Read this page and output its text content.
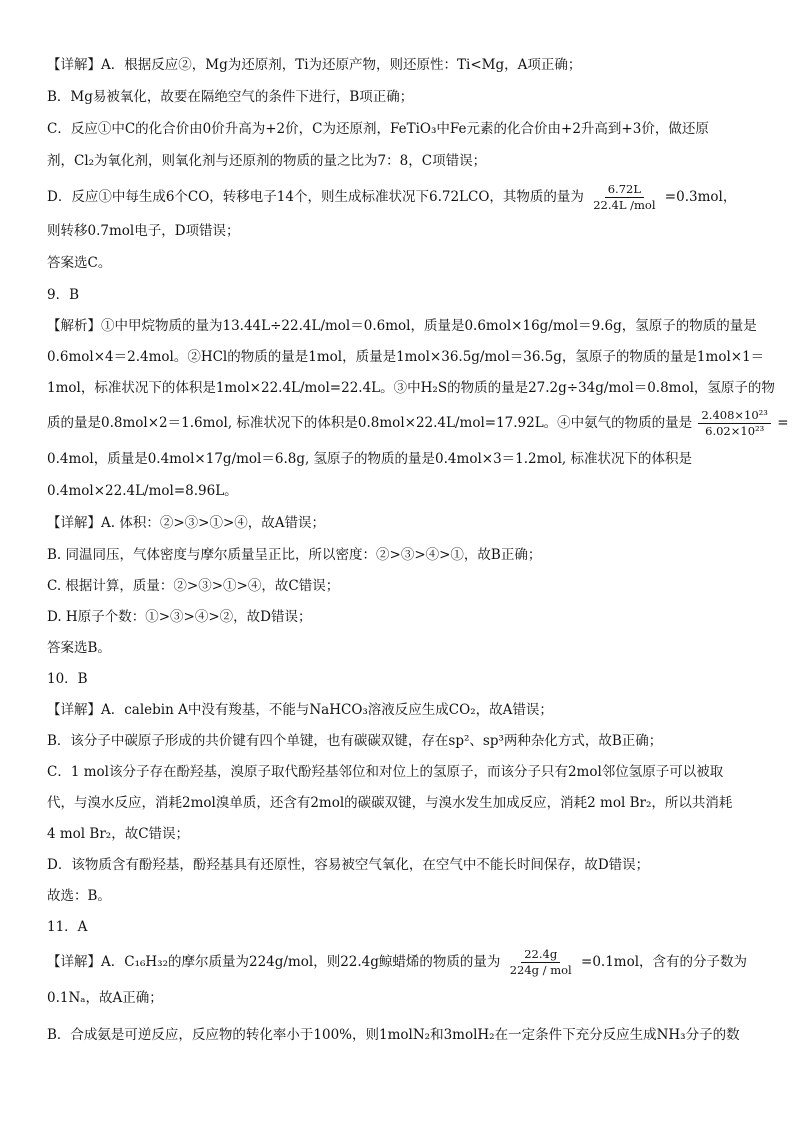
【详解】A．根据反应②，Mg为还原剂，Ti为还原产物，则还原性：Ti<Mg，A项正确；
B．Mg易被氧化，故要在隔绝空气的条件下进行，B项正确；
C．反应①中C的化合价由0价升高为+2价，C为还原剂，FeTiO₃中Fe元素的化合价由+2升高到+3价，做还原
剂，Cl₂为氧化剂，则氧化剂与还原剂的物质的量之比为7：8，C项错误；
D．反应①中每生成6个CO，转移电子14个，则生成标准状况下6.72LCO，其物质的量为 $\frac{6.72L}{\text{22.4L /mol}} =0.3mol$，
则转移0.7mol电子，D项错误；
答案选C。
9．B
【解析】①中甲烷物质的量为13.44L÷22.4L/mol＝0.6mol，质量是0.6mol×16g/mol＝9.6g，氢原子的物质的量是
0.6mol×4＝2.4mol。②HCl的物质的量是1mol，质量是1mol×36.5g/mol＝36.5g，氢原子的物质的量是1mol×1＝
1mol，标准状况下的体积是1mol×22.4L/mol=22.4L。③中H₂S的物质的量是27.2g÷34g/mol＝0.8mol，氢原子的物
质的量是0.8mol×2＝1.6mol, 标准状况下的体积是0.8mol×22.4L/mol=17.92L。④中氨气的物质的量是 $\frac{\text{2.408×10²³}}{\text{6.02×10²³}}$ =
0.4mol，质量是0.4mol×17g/mol＝6.8g, 氢原子的物质的量是0.4mol×3＝1.2mol, 标准状况下的体积是
0.4mol×22.4L/mol=8.96L。
【详解】A. 体积：②>③>①>④，故A错误；
B. 同温同压，气体密度与摩尔质量呈正比，所以密度：②>③>④>①，故B正确；
C. 根据计算，质量：②>③>①>④，故C错误；
D. H原子个数：①>③>④>②，故D错误；
答案选B。
10．B
【详解】A．calebin A中没有羧基，不能与NaHCO₃溶液反应生成CO₂，故A错误；
B．该分子中碳原子形成的共价键有四个单键，也有碳碳双键，存在sp²、sp³两种杂化方式，故B正确；
C．1 mol该分子存在酚羟基，溴原子取代酚羟基邻位和对位上的氢原子，而该分子只有2mol邻位氢原子可以被取
代，与溴水反应，消耗2mol溴单质，还含有2mol的碳碳双键，与溴水发生加成反应，消耗2 mol Br₂，所以共消耗
4 mol Br₂，故C错误；
D．该物质含有酚羟基，酚羟基具有还原性，容易被空气氧化，在空气中不能长时间保存，故D错误；
故选：B。
11．A
【详解】A．C₁₆H₃₂的摩尔质量为224g/mol，则22.4g鲸蜡烯的物质的量为 $\frac{22.4g}{\text{224g / mol}} =0.1mol$，含有的分子数为
0.1Nₐ，故A正确；
B．合成氨是可逆反应，反应物的转化率小于100%，则1molN₂和3molH₂在一定条件下充分反应生成NH₃分子的数
